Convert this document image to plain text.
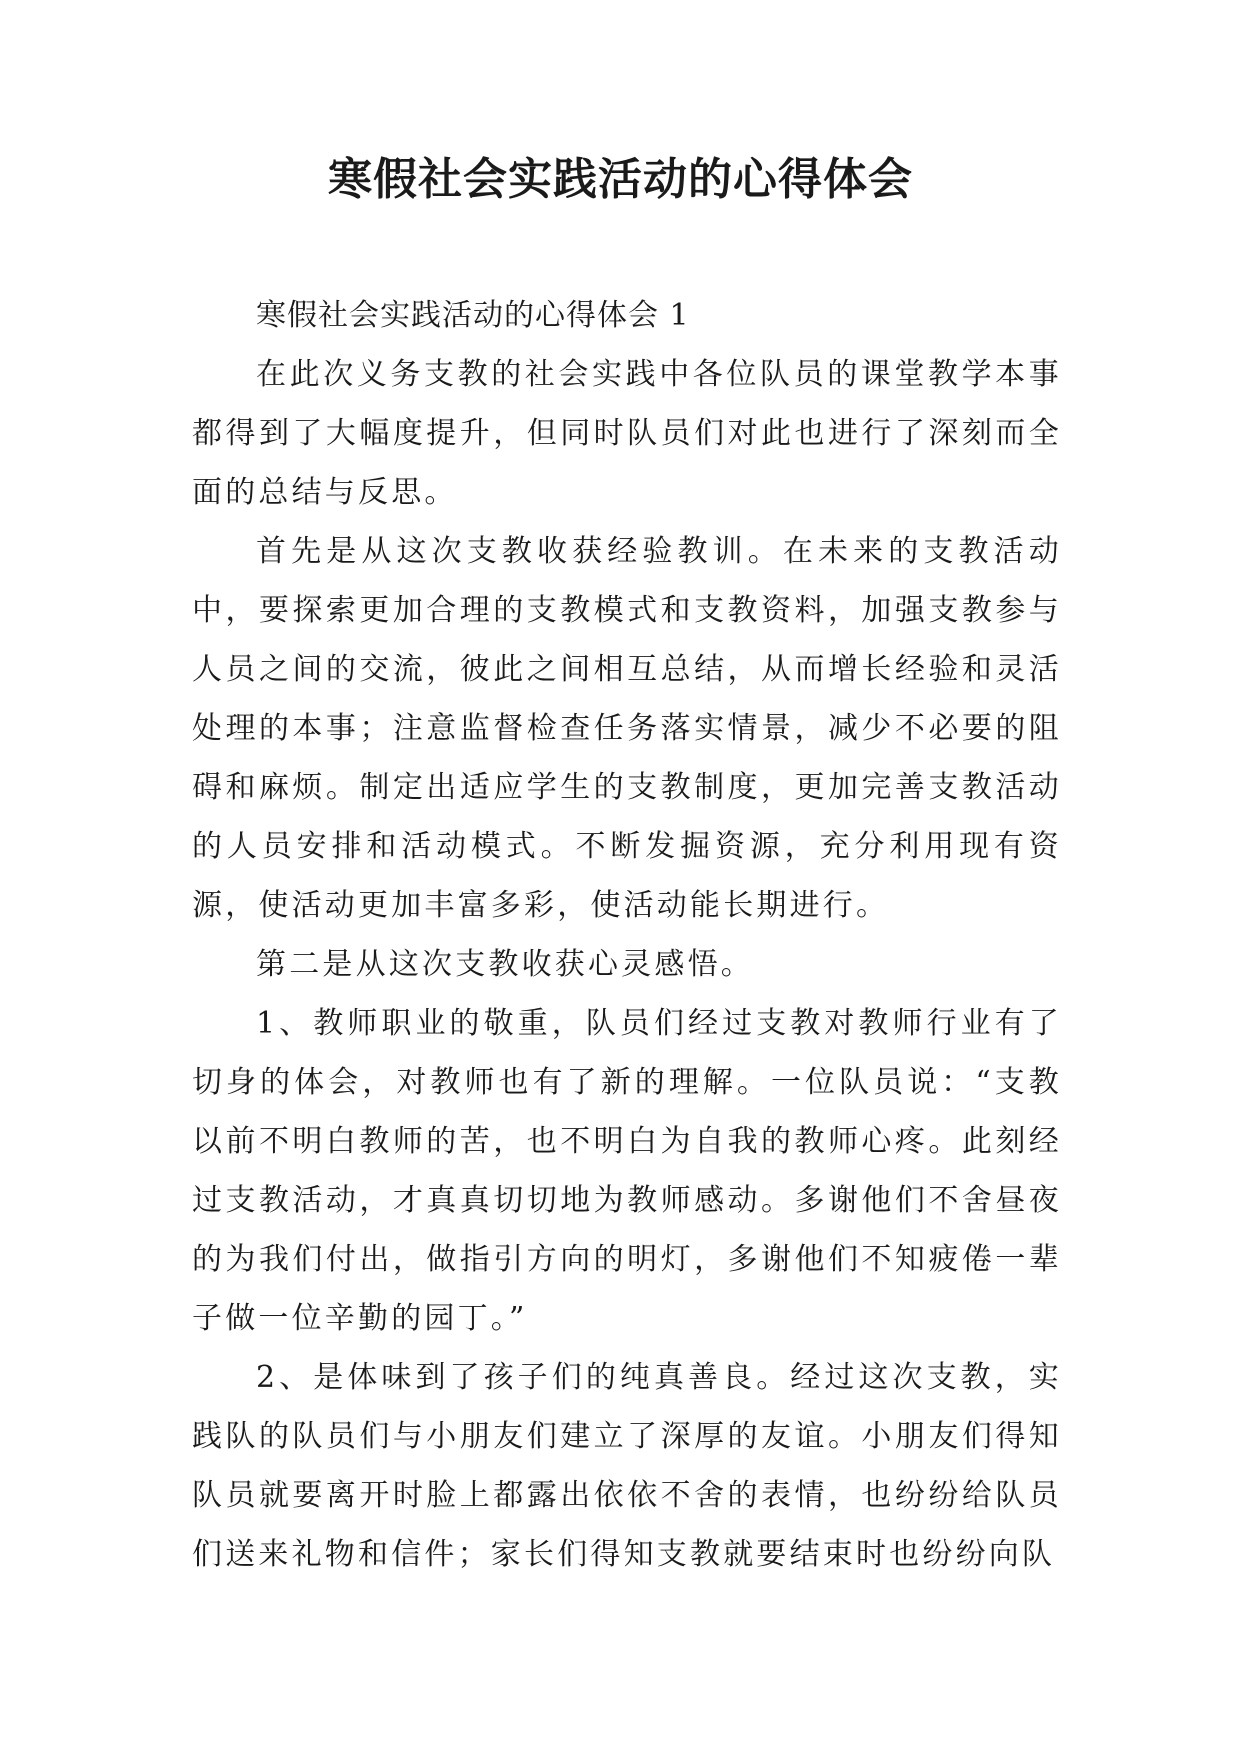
寒假社会实践活动的心得体会

寒假社会实践活动的心得体会 1

在此次义务支教的社会实践中各位队员的课堂教学本事都得到了大幅度提升，但同时队员们对此也进行了深刻而全面的总结与反思。

首先是从这次支教收获经验教训。在未来的支教活动中，要探索更加合理的支教模式和支教资料，加强支教参与人员之间的交流，彼此之间相互总结，从而增长经验和灵活处理的本事；注意监督检查任务落实情景，减少不必要的阻碍和麻烦。制定出适应学生的支教制度，更加完善支教活动的人员安排和活动模式。不断发掘资源，充分利用现有资源，使活动更加丰富多彩，使活动能长期进行。

第二是从这次支教收获心灵感悟。

1、教师职业的敬重，队员们经过支教对教师行业有了切身的体会，对教师也有了新的理解。一位队员说：“支教以前不明白教师的苦，也不明白为自我的教师心疼。此刻经过支教活动，才真真切切地为教师感动。多谢他们不舍昼夜的为我们付出，做指引方向的明灯，多谢他们不知疲倦一辈子做一位辛勤的园丁。”

2、是体味到了孩子们的纯真善良。经过这次支教，实践队的队员们与小朋友们建立了深厚的友谊。小朋友们得知队员就要离开时脸上都露出依依不舍的表情，也纷纷给队员们送来礼物和信件；家长们得知支教就要结束时也纷纷向队
